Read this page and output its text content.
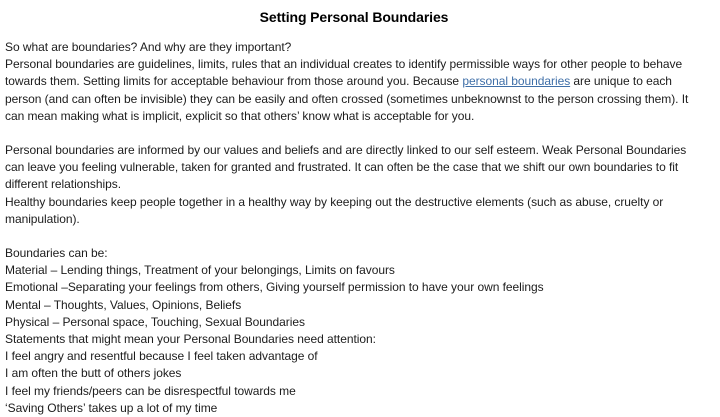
Setting Personal Boundaries
So what are boundaries? And why are they important?
Personal boundaries are guidelines, limits, rules that an individual creates to identify permissible ways for other people to behave towards them. Setting limits for acceptable behaviour from those around you. Because personal boundaries are unique to each person (and can often be invisible) they can be easily and often crossed (sometimes unbeknownst to the person crossing them). It can mean making what is implicit, explicit so that others’ know what is acceptable for you.
Personal boundaries are informed by our values and beliefs and are directly linked to our self esteem. Weak Personal Boundaries can leave you feeling vulnerable, taken for granted and frustrated. It can often be the case that we shift our own boundaries to fit different relationships.
Healthy boundaries keep people together in a healthy way by keeping out the destructive elements (such as abuse, cruelty or manipulation).
Boundaries can be:
Material – Lending things, Treatment of your belongings, Limits on favours
Emotional –Separating your feelings from others, Giving yourself permission to have your own feelings
Mental – Thoughts, Values, Opinions, Beliefs
Physical – Personal space, Touching, Sexual Boundaries
Statements that might mean your Personal Boundaries need attention:
I feel angry and resentful because I feel taken advantage of
I am often the butt of others jokes
I feel my friends/peers can be disrespectful towards me
‘Saving Others’ takes up a lot of my time
